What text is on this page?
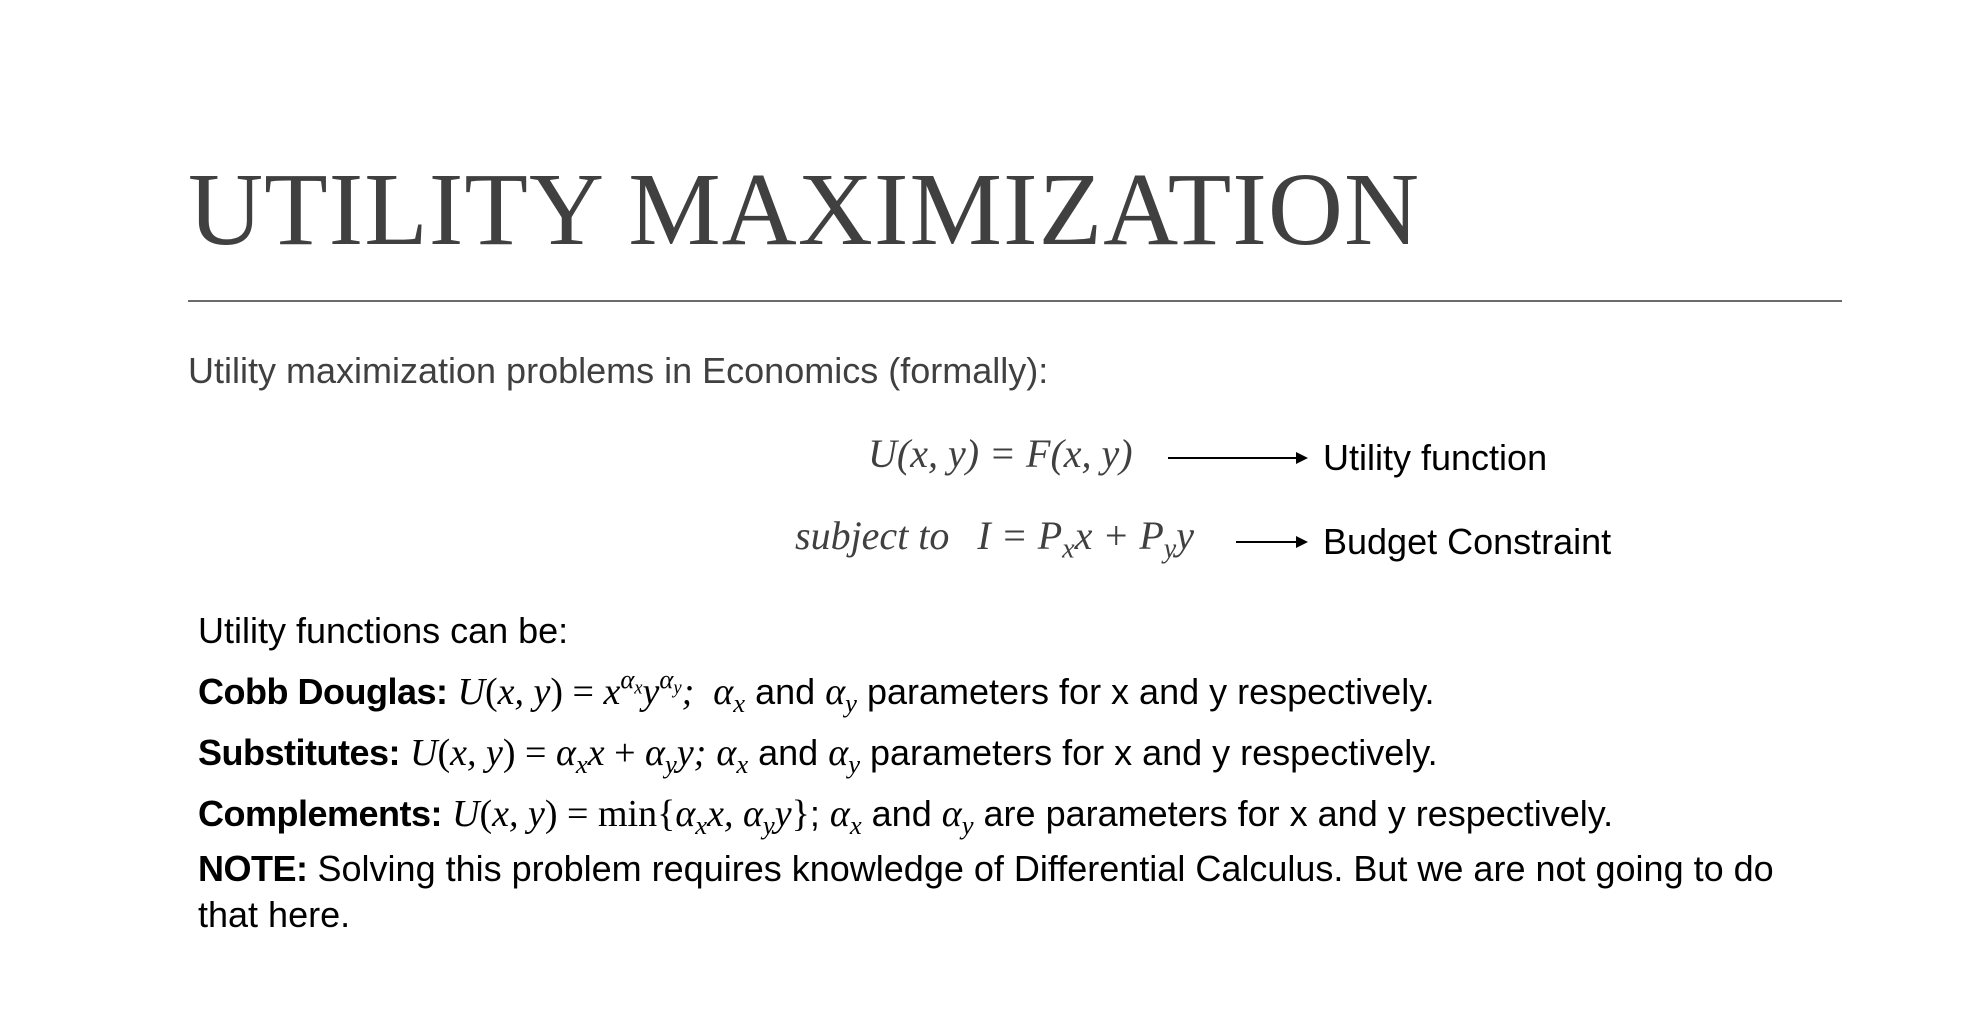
UTILITY MAXIMIZATION
Utility maximization problems in Economics (formally):
U(x, y) = F(x, y)	Utility function
subject to $I = P_xx + P_yy$	Budget Constraint
Utility functions can be:
Cobb Douglas: U(x, $y) = x^{\alpha_x}y^{\alpha_y}$;  $\alpha_x$ and $\alpha_y$ parameters for x and y respectively.
Substitutes: U(x, $y) = \alpha_xx + \alpha_yy$; $\alpha_x$ and $\alpha_y$ parameters for x and y respectively.
Complements: U(x, $y) = \min\{\alpha_xx$, $\alpha_yy$}; $\alpha_x$ and $\alpha_y$ are parameters for x and y respectively.
NOTE: Solving this problem requires knowledge of Differential Calculus. But we are not going to do that here.
